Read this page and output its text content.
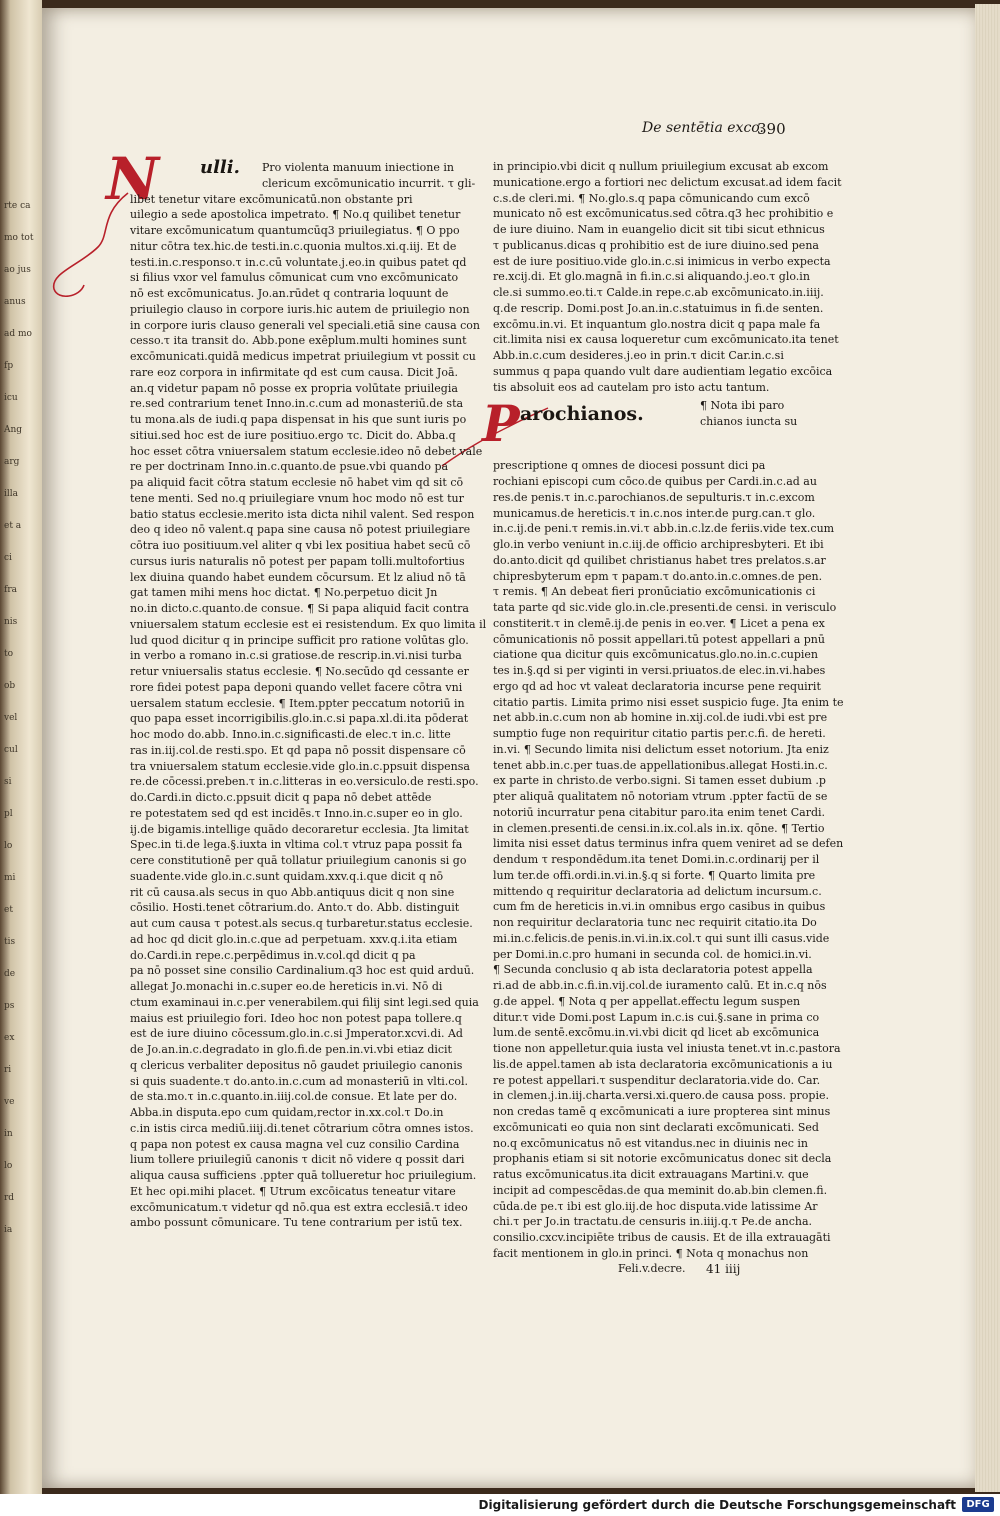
rte ca
mo tot
ao jus
anus
ad mo
fp
icu
Ang
arg
illa
et a
ci
fra
nis
to
ob
vel
cul
si
pl
lo
mi
et
tis
de
ps
ex
ri
ve
in
lo
rd
ia
De sentētia exco.
390
N	ulli.	Pro violenta manuum iniectione in
clericum excōmunicatio incurrit. τ gli-
libet tenetur vitare excōmunicatū.non obstante pri
uilegio a sede apostolica impetrato. ¶ No.q quilibet tenetur
vitare excōmunicatum quantumcūq3 priuilegiatus. ¶ O ppo
nitur cōtra tex.hic.de testi.in.c.quonia multos.xi.q.iij. Et de
testi.in.c.responso.τ in.c.cū voluntate.j.eo.in quibus patet qd
si filius vxor vel famulus cōmunicat cum vno excōmunicato
nō est excōmunicatus. Jo.an.rūdet q contraria loquunt de
priuilegio clauso in corpore iuris.hic autem de priuilegio non
in corpore iuris clauso generali vel speciali.etiā sine causa con
cesso.τ ita transit do. Abb.pone exēplum.multi homines sunt
excōmunicati.quidā medicus impetrat priuilegium vt possit cu
rare eoz corpora in infirmitate qd est cum causa. Dicit Joā.
an.q videtur papam nō posse ex propria volūtate priuilegia
re.sed contrarium tenet Inno.in.c.cum ad monasteriū.de sta
tu mona.als de iudi.q papa dispensat in his que sunt iuris po
sitiui.sed hoc est de iure positiuo.ergo τc. Dicit do. Abba.q
hoc esset cōtra vniuersalem statum ecclesie.ideo nō debet vale
re per doctrinam Inno.in.c.quanto.de psue.vbi quando pa
pa aliquid facit cōtra statum ecclesie nō habet vim qd sit cō
tene menti. Sed no.q priuilegiare vnum hoc modo nō est tur
batio status ecclesie.merito ista dicta nihil valent. Sed respon
deo q ideo nō valent.q papa sine causa nō potest priuilegiare
cōtra iuo positiuum.vel aliter q vbi lex positiua habet secū cō
cursus iuris naturalis nō potest per papam tolli.multofortius
lex diuina quando habet eundem cōcursum. Et lz aliud nō tā
gat tamen mihi mens hoc dictat. ¶ No.perpetuo dicit Jn
no.in dicto.c.quanto.de consue. ¶ Si papa aliquid facit contra
vniuersalem statum ecclesie est ei resistendum. Ex quo limita il
lud quod dicitur q in principe sufficit pro ratione volūtas glo.
in verbo a romano in.c.si gratiose.de rescrip.in.vi.nisi turba
retur vniuersalis status ecclesie. ¶ No.secūdo qd cessante er
rore fidei potest papa deponi quando vellet facere cōtra vni
uersalem statum ecclesie. ¶ Item.ppter peccatum notoriū in
quo papa esset incorrigibilis.glo.in.c.si papa.xl.di.ita pōderat
hoc modo do.abb. Inno.in.c.significasti.de elec.τ in.c. litte
ras in.iij.col.de resti.spo. Et qd papa nō possit dispensare cō
tra vniuersalem statum ecclesie.vide glo.in.c.ppsuit dispensa
re.de cōcessi.preben.τ in.c.litteras in eo.versiculo.de resti.spo.
do.Cardi.in dicto.c.ppsuit dicit q papa nō debet attēde
re potestatem sed qd est incidēs.τ Inno.in.c.super eo in glo.
ij.de bigamis.intellige quādo decoraretur ecclesia. Jta limitat
Spec.in ti.de lega.§.iuxta in vltima col.τ vtruz papa possit fa
cere constitutionē per quā tollatur priuilegium canonis si go
suadente.vide glo.in.c.sunt quidam.xxv.q.i.que dicit q nō
rit cū causa.als secus in quo Abb.antiquus dicit q non sine
cōsilio. Hosti.tenet cōtrarium.do. Anto.τ do. Abb. distinguit
aut cum causa τ potest.als secus.q turbaretur.status ecclesie.
ad hoc qd dicit glo.in.c.que ad perpetuam. xxv.q.i.ita etiam
do.Cardi.in repe.c.perpēdimus in.v.col.qd dicit q pa
pa nō posset sine consilio Cardinalium.q3 hoc est quid arduū.
allegat Jo.monachi in.c.super eo.de hereticis in.vi. Nō di
ctum examinaui in.c.per venerabilem.qui filij sint legi.sed quia
maius est priuilegio fori. Ideo hoc non potest papa tollere.q
est de iure diuino cōcessum.glo.in.c.si Jmperator.xcvi.di. Ad
de Jo.an.in.c.degradato in glo.fi.de pen.in.vi.vbi etiaz dicit
q clericus verbaliter depositus nō gaudet priuilegio canonis
si quis suadente.τ do.anto.in.c.cum ad monasteriū in vlti.col.
de sta.mo.τ in.c.quanto.in.iiij.col.de consue. Et late per do.
Abba.in disputa.epo cum quidam,rector in.xx.col.τ Do.in
c.in istis circa mediū.iiij.di.tenet cōtrarium cōtra omnes istos.
q papa non potest ex causa magna vel cuz consilio Cardina
lium tollere priuilegiū canonis τ dicit nō videre q possit dari
aliqua causa sufficiens .ppter quā tollueretur hoc priuilegium.
Et hec opi.mihi placet. ¶ Utrum excōicatus teneatur vitare
excōmunicatum.τ videtur qd nō.qua est extra ecclesiā.τ ideo
ambo possunt cōmunicare. Tu tene contrarium per istū tex.
in principio.vbi dicit q nullum priuilegium excusat ab excom
municatione.ergo a fortiori nec delictum excusat.ad idem facit
c.s.de cleri.mi. ¶ No.glo.s.q papa cōmunicando cum excō
municato nō est excōmunicatus.sed cōtra.q3 hec prohibitio e
de iure diuino. Nam in euangelio dicit sit tibi sicut ethnicus
τ publicanus.dicas q prohibitio est de iure diuino.sed pena
est de iure positiuo.vide glo.in.c.si inimicus in verbo expecta
re.xcij.di. Et glo.magnā in fi.in.c.si aliquando.j.eo.τ glo.in
cle.si summo.eo.ti.τ Calde.in repe.c.ab excōmunicato.in.iiij.
q.de rescrip. Domi.post Jo.an.in.c.statuimus in fi.de senten.
excōmu.in.vi. Et inquantum glo.nostra dicit q papa male fa
cit.limita nisi ex causa loqueretur cum excōmunicato.ita tenet
Abb.in.c.cum desideres.j.eo in prin.τ dicit Car.in.c.si
summus q papa quando vult dare audientiam legatio excōica
tis absoluit eos ad cautelam pro isto actu tantum.
prescriptione q omnes de diocesi possunt dici pa
rochiani episcopi cum cōco.de quibus per Cardi.in.c.ad au
res.de penis.τ in.c.parochianos.de sepulturis.τ in.c.excom
municamus.de hereticis.τ in.c.nos inter.de purg.can.τ glo.
in.c.ij.de peni.τ remis.in.vi.τ abb.in.c.lz.de feriis.vide tex.cum
glo.in verbo veniunt in.c.iij.de officio archipresbyteri. Et ibi
do.anto.dicit qd quilibet christianus habet tres prelatos.s.ar
chipresbyterum epm τ papam.τ do.anto.in.c.omnes.de pen.
τ remis. ¶ An debeat fieri pronūciatio excōmunicationis ci
tata parte qd sic.vide glo.in.cle.presenti.de censi. in verisculo
constiterit.τ in clemē.ij.de penis in eo.ver. ¶ Licet a pena ex
cōmunicationis nō possit appellari.tū potest appellari a pnū
ciatione qua dicitur quis excōmunicatus.glo.no.in.c.cupien
tes in.§.qd si per viginti in versi.priuatos.de elec.in.vi.habes
ergo qd ad hoc vt valeat declaratoria incurse pene requirit
citatio partis. Limita primo nisi esset suspicio fuge. Jta enim te
net abb.in.c.cum non ab homine in.xij.col.de iudi.vbi est pre
sumptio fuge non requiritur citatio partis per.c.fi. de hereti.
in.vi. ¶ Secundo limita nisi delictum esset notorium. Jta eniz
tenet abb.in.c.per tuas.de appellationibus.allegat Hosti.in.c.
ex parte in christo.de verbo.signi. Si tamen esset dubium .p
pter aliquā qualitatem nō notoriam vtrum .ppter factu̅ de se
notoriū incurratur pena citabitur paro.ita enim tenet Cardi.
in clemen.presenti.de censi.in.ix.col.als in.ix. qōne. ¶ Tertio
limita nisi esset datus terminus infra quem veniret ad se defen
dendum τ respondēdum.ita tenet Domi.in.c.ordinarij per il
lum ter.de offi.ordi.in.vi.in.§.q si forte. ¶ Quarto limita pre
mittendo q requiritur declaratoria ad delictum incursum.c.
cum fm de hereticis in.vi.in omnibus ergo casibus in quibus
non requiritur declaratoria tunc nec requirit citatio.ita Do
mi.in.c.felicis.de penis.in.vi.in.ix.col.τ qui sunt illi casus.vide
per Domi.in.c.pro humani in secunda col. de homici.in.vi.
¶ Secunda conclusio q ab ista declaratoria potest appella
ri.ad de abb.in.c.fi.in.vij.col.de iuramento calū. Et in.c.q nōs
g.de appel. ¶ Nota q per appellat.effectu legum suspen
ditur.τ vide Domi.post Lapum in.c.is cui.§.sane in prima co
lum.de sentē.excōmu.in.vi.vbi dicit qd licet ab excōmunica
tione non appelletur.quia iusta vel iniusta tenet.vt in.c.pastora
lis.de appel.tamen ab ista declaratoria excōmunicationis a iu
re potest appellari.τ suspenditur declaratoria.vide do. Car.
in clemen.j.in.iij.charta.versi.xi.quero.de causa poss. propie.
non credas tamē q excōmunicati a iure propterea sint minus
excōmunicati eo quia non sint declarati excōmunicati. Sed
no.q excōmunicatus nō est vitandus.nec in diuinis nec in
prophanis etiam si sit notorie excōmunicatus donec sit decla
ratus excōmunicatus.ita dicit extrauagans Martini.v. que
incipit ad compescēdas.de qua meminit do.ab.bin clemen.fi.
cūda.de pe.τ ibi est glo.iij.de hoc disputa.vide latissime Ar
chi.τ per Jo.in tractatu.de censuris in.iiij.q.τ Pe.de ancha.
consilio.cxcv.incipiēte tribus de causis. Et de illa extrauagāti
facit mentionem in glo.in princi. ¶ Nota q monachus non
P arochianos.	¶ Nota ibi paro
chianos iuncta su
Feli.v.decre. 41 iiij
Digitalisierung gefördert durch die Deutsche Forschungsgemeinschaft	DFG
